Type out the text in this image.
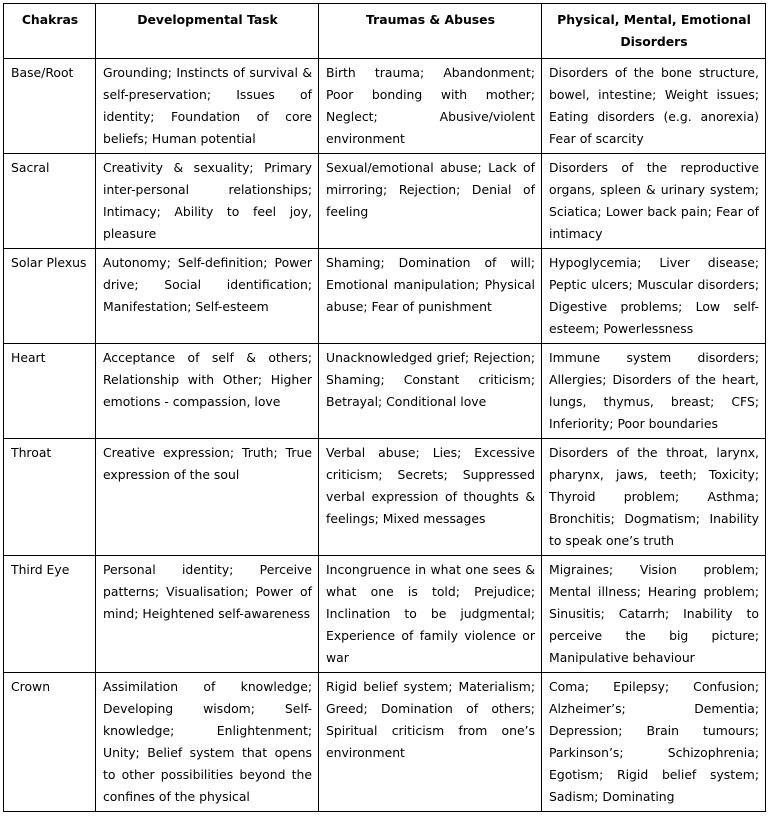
Chakras	Developmental Task	Traumas & Abuses	Physical, Mental, Emotional Disorders
Base/Root	Grounding; Instincts of survival & self-preservation; Issues of identity; Foundation of core beliefs; Human potential	Birth trauma; Abandonment; Poor bonding with mother; Neglect; Abusive/violent environment	Disorders of the bone structure, bowel, intestine; Weight issues; Eating disorders (e.g. anorexia) Fear of scarcity
Sacral	Creativity & sexuality; Primary inter-personal relationships; Intimacy; Ability to feel joy, pleasure	Sexual/emotional abuse; Lack of mirroring; Rejection; Denial of feeling	Disorders of the reproductive organs, spleen & urinary system; Sciatica; Lower back pain; Fear of intimacy
Solar Plexus	Autonomy; Self-definition; Power drive; Social identification; Manifestation; Self-esteem	Shaming; Domination of will; Emotional manipulation; Physical abuse; Fear of punishment	Hypoglycemia; Liver disease; Peptic ulcers; Muscular disorders; Digestive problems; Low self-esteem; Powerlessness
Heart	Acceptance of self & others; Relationship with Other; Higher emotions - compassion, love	Unacknowledged grief; Rejection; Shaming; Constant criticism; Betrayal; Conditional love	Immune system disorders; Allergies; Disorders of the heart, lungs, thymus, breast; CFS; Inferiority; Poor boundaries
Throat	Creative expression; Truth; True expression of the soul	Verbal abuse; Lies; Excessive criticism; Secrets; Suppressed verbal expression of thoughts & feelings; Mixed messages	Disorders of the throat, larynx, pharynx, jaws, teeth; Toxicity; Thyroid problem; Asthma; Bronchitis; Dogmatism; Inability to speak one’s truth
Third Eye	Personal identity; Perceive patterns; Visualisation; Power of mind; Heightened self-awareness	Incongruence in what one sees & what one is told; Prejudice; Inclination to be judgmental; Experience of family violence or war	Migraines; Vision problem; Mental illness; Hearing problem; Sinusitis; Catarrh; Inability to perceive the big picture; Manipulative behaviour
Crown	Assimilation of knowledge; Developing wisdom; Self-knowledge; Enlightenment; Unity; Belief system that opens to other possibilities beyond the confines of the physical	Rigid belief system; Materialism; Greed; Domination of others; Spiritual criticism from one’s environment	Coma; Epilepsy; Confusion; Alzheimer’s; Dementia; Depression; Brain tumours; Parkinson’s; Schizophrenia; Egotism; Rigid belief system; Sadism; Dominating
